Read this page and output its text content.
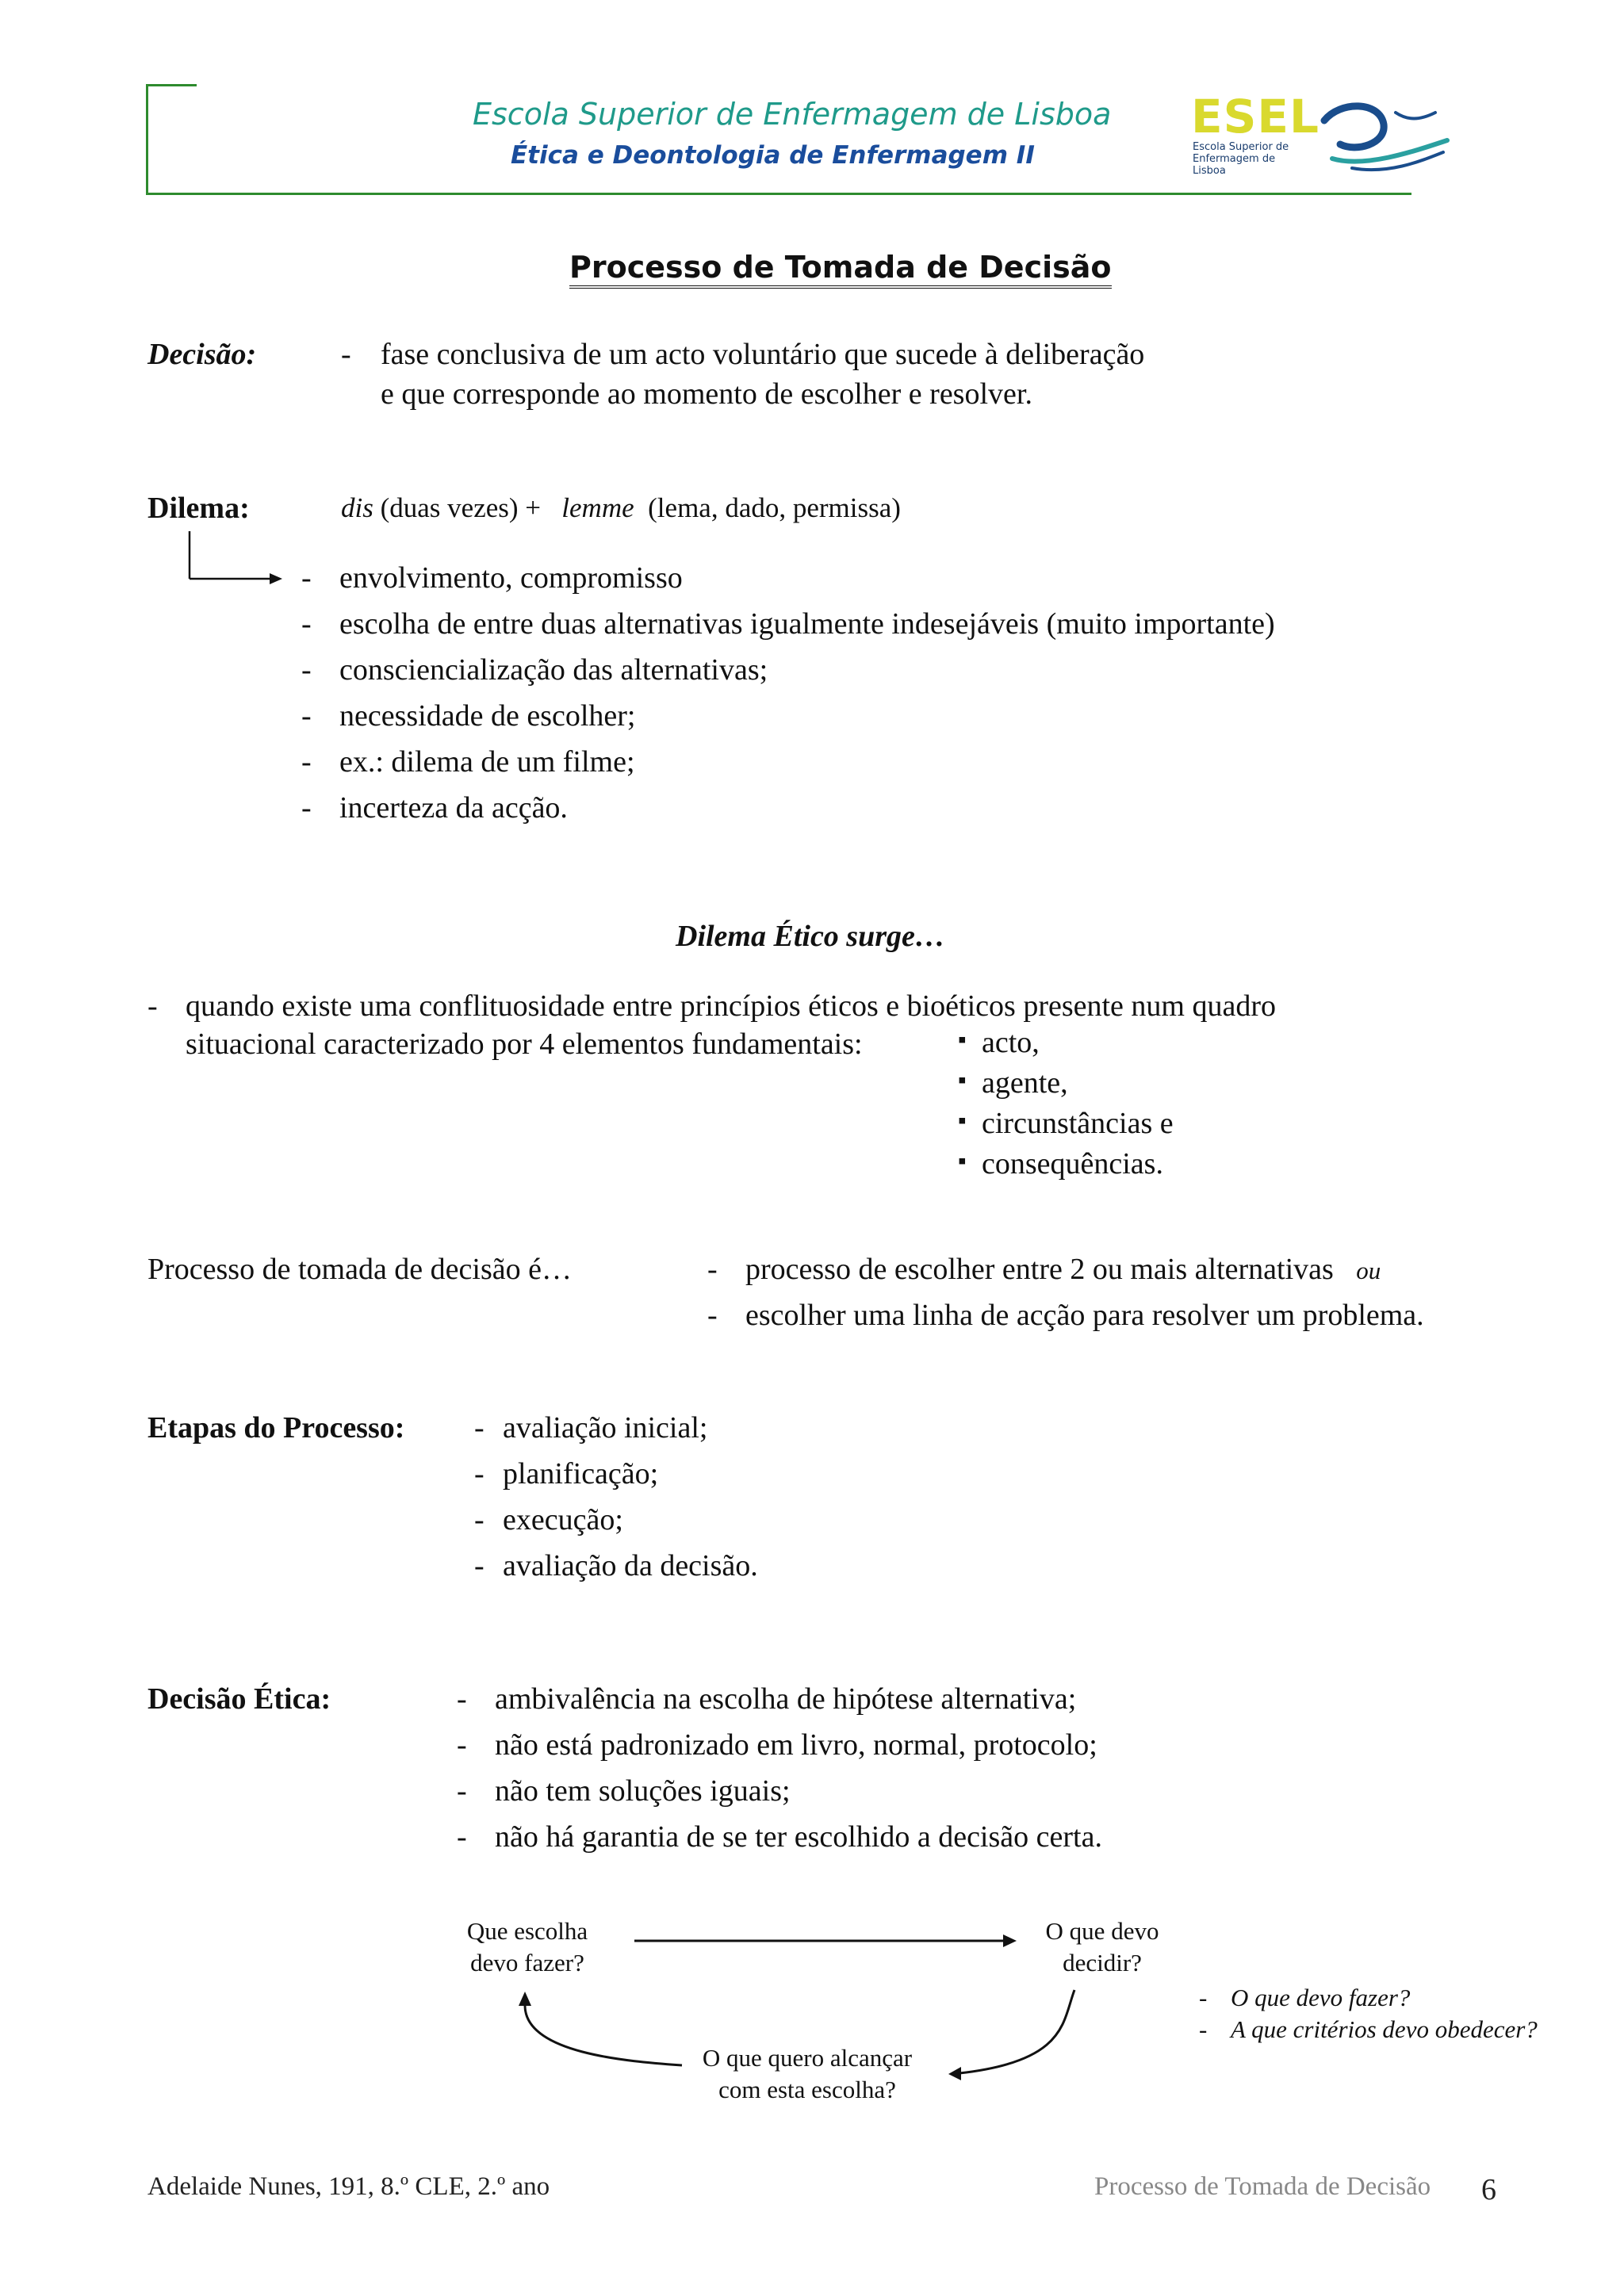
Escola Superior de Enfermagem de Lisboa
Ética e Deontologia de Enfermagem II
ESEL
Escola Superior de
Enfermagem de
Lisboa
Processo de Tomada de Decisão
Decisão:	- fase conclusiva de um acto voluntário que sucede à deliberação
e que corresponde ao momento de escolher e resolver.
Dilema:	dis (duas vezes) + lemme (lema, dado, permissa)
- envolvimento, compromisso
- escolha de entre duas alternativas igualmente indesejáveis (muito importante)
- consciencialização das alternativas;
- necessidade de escolher;
- ex.: dilema de um filme;
- incerteza da acção.
Dilema Ético surge…
- quando existe uma conflituosidade entre princípios éticos e bioéticos presente num quadro
situacional caracterizado por 4 elementos fundamentais:	▪ acto,
▪ agente,
▪ circunstâncias e
▪ consequências.
Processo de tomada de decisão é…	- processo de escolher entre 2 ou mais alternativas ou
- escolher uma linha de acção para resolver um problema.
Etapas do Processo: - avaliação inicial;
- planificação;
- execução;
- avaliação da decisão.
Decisão Ética:	- ambivalência na escolha de hipótese alternativa;
- não está padronizado em livro, normal, protocolo;
- não tem soluções iguais;
- não há garantia de se ter escolhido a decisão certa.
Que escolha
devo fazer?
O que devo
decidir?
O que quero alcançar
com esta escolha?
- O que devo fazer?
- A que critérios devo obedecer?
Adelaide Nunes, 191, 8.º CLE, 2.º ano	Processo de Tomada de Decisão 6
